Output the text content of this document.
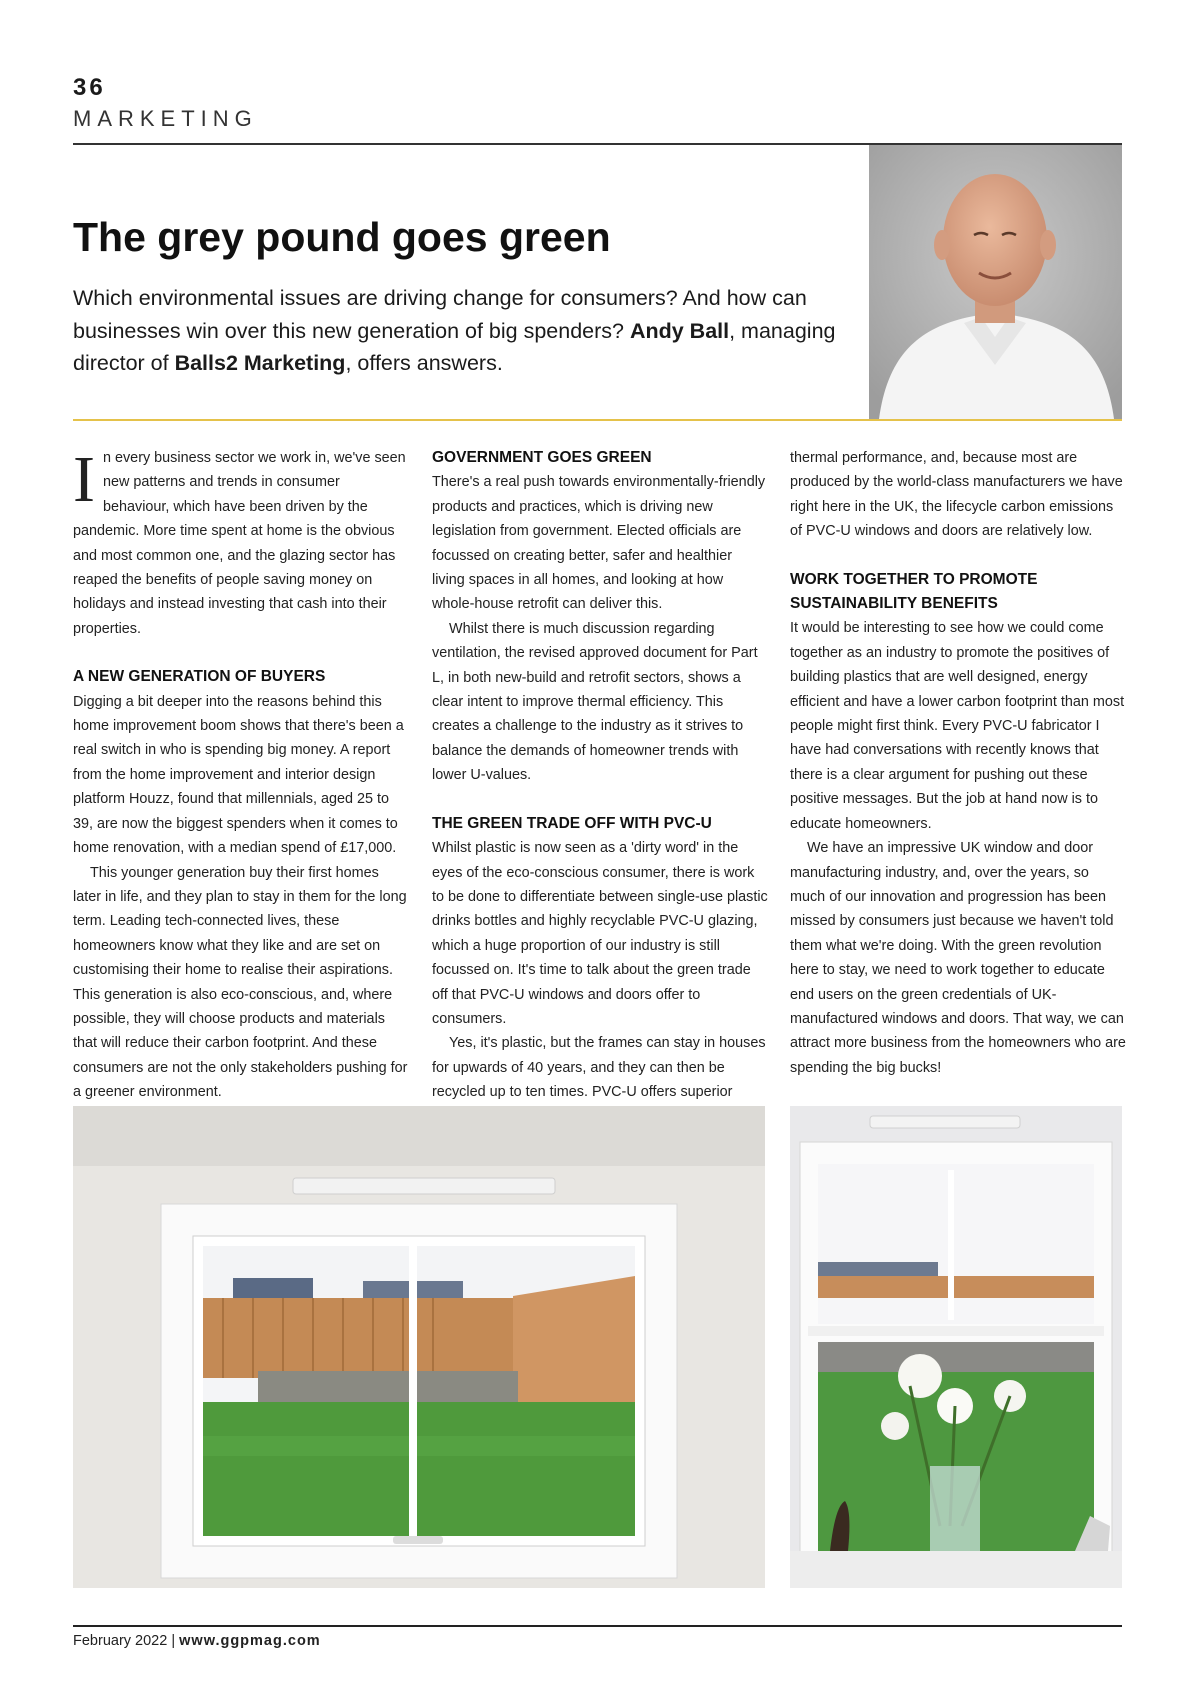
36
MARKETING
The grey pound goes green

Which environmental issues are driving change for consumers? And how can businesses win over this new generation of big spenders? Andy Ball, managing director of Balls2 Marketing, offers answers.

In every business sector we work in, we've seen new patterns and trends in consumer behaviour, which have been driven by the pandemic. More time spent at home is the obvious and most common one, and the glazing sector has reaped the benefits of people saving money on holidays and instead investing that cash into their properties.

A NEW GENERATION OF BUYERS

Digging a bit deeper into the reasons behind this home improvement boom shows that there's been a real switch in who is spending big money. A report from the home improvement and interior design platform Houzz, found that millennials, aged 25 to 39, are now the biggest spenders when it comes to home renovation, with a median spend of £17,000.

This younger generation buy their first homes later in life, and they plan to stay in them for the long term. Leading tech-connected lives, these homeowners know what they like and are set on customising their home to realise their aspirations. This generation is also eco-conscious, and, where possible, they will choose products and materials that will reduce their carbon footprint. And these consumers are not the only stakeholders pushing for a greener environment.

GOVERNMENT GOES GREEN

There's a real push towards environmentally-friendly products and practices, which is driving new legislation from government. Elected officials are focussed on creating better, safer and healthier living spaces in all homes, and looking at how whole-house retrofit can deliver this.

Whilst there is much discussion regarding ventilation, the revised approved document for Part L, in both new-build and retrofit sectors, shows a clear intent to improve thermal efficiency. This creates a challenge to the industry as it strives to balance the demands of homeowner trends with lower U-values.

THE GREEN TRADE OFF WITH PVC-U

Whilst plastic is now seen as a 'dirty word' in the eyes of the eco-conscious consumer, there is work to be done to differentiate between single-use plastic drinks bottles and highly recyclable PVC-U glazing, which a huge proportion of our industry is still focussed on. It's time to talk about the green trade off that PVC-U windows and doors offer to consumers.

Yes, it's plastic, but the frames can stay in houses for upwards of 40 years, and they can then be recycled up to ten times. PVC-U offers superior

thermal performance, and, because most are produced by the world-class manufacturers we have right here in the UK, the lifecycle carbon emissions of PVC-U windows and doors are relatively low.

WORK TOGETHER TO PROMOTE SUSTAINABILITY BENEFITS

It would be interesting to see how we could come together as an industry to promote the positives of building plastics that are well designed, energy efficient and have a lower carbon footprint than most people might first think. Every PVC-U fabricator I have had conversations with recently knows that there is a clear argument for pushing out these positive messages. But the job at hand now is to educate homeowners.

We have an impressive UK window and door manufacturing industry, and, over the years, so much of our innovation and progression has been missed by consumers just because we haven't told them what we're doing. With the green revolution here to stay, we need to work together to educate end users on the green credentials of UK-manufactured windows and doors. That way, we can attract more business from the homeowners who are spending the big bucks!

February 2022 | www.ggpmag.com
